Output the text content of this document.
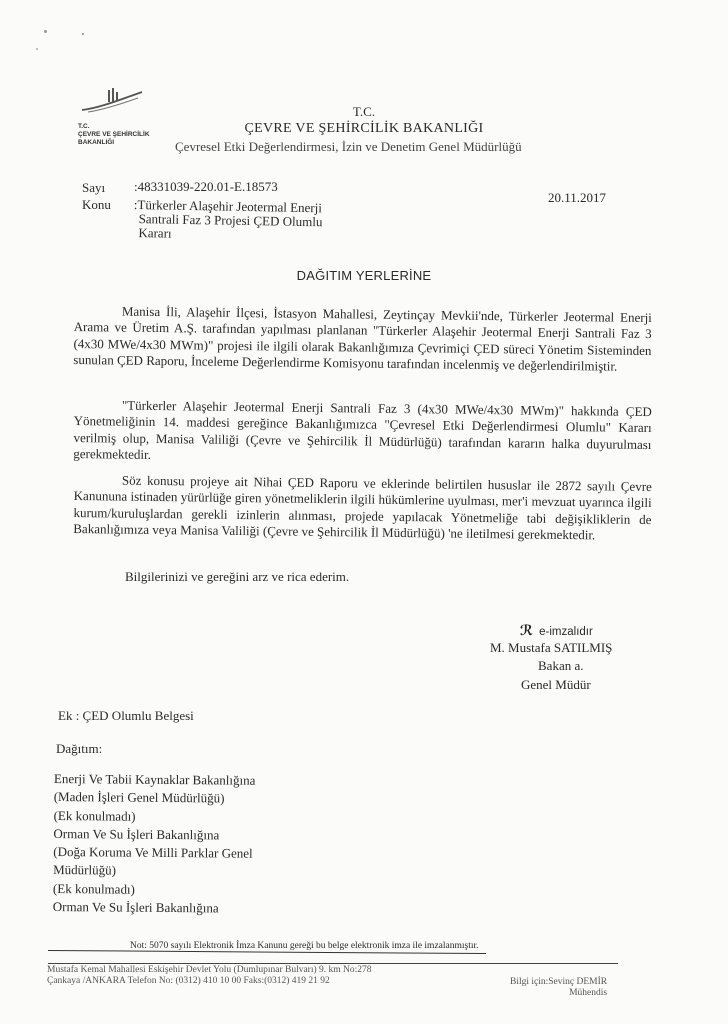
T.C.
ÇEVRE VE ŞEHİRCİLİK
BAKANLIĞI
T.C.
ÇEVRE VE ŞEHİRCİLİK BAKANLIĞI
Çevresel Etki Değerlendirmesi, İzin ve Denetim Genel Müdürlüğü
Sayı :48331039-220.01-E.18573
Konu :Türkerler Alaşehir Jeotermal Enerji
Santrali Faz 3 Projesi ÇED Olumlu
Kararı
20.11.2017
DAĞITIM YERLERİNE
Manisa İli, Alaşehir İlçesi, İstasyon Mahallesi, Zeytinçay Mevkii'nde, Türkerler Jeotermal Enerji Arama ve Üretim A.Ş. tarafından yapılması planlanan "Türkerler Alaşehir Jeotermal Enerji Santrali Faz 3 (4x30 MWe/4x30 MWm)" projesi ile ilgili olarak Bakanlığımıza Çevrimiçi ÇED süreci Yönetim Sisteminden sunulan ÇED Raporu, İnceleme Değerlendirme Komisyonu tarafından incelenmiş ve değerlendirilmiştir.
"Türkerler Alaşehir Jeotermal Enerji Santrali Faz 3 (4x30 MWe/4x30 MWm)" hakkında ÇED Yönetmeliğinin 14. maddesi gereğince Bakanlığımızca "Çevresel Etki Değerlendirmesi Olumlu" Kararı verilmiş olup, Manisa Valiliği (Çevre ve Şehircilik İl Müdürlüğü) tarafından kararın halka duyurulması gerekmektedir.
Söz konusu projeye ait Nihai ÇED Raporu ve eklerinde belirtilen hususlar ile 2872 sayılı Çevre Kanununa istinaden yürürlüğe giren yönetmeliklerin ilgili hükümlerine uyulması, mer'i mevzuat uyarınca ilgili kurum/kuruluşlardan gerekli izinlerin alınması, projede yapılacak Yönetmeliğe tabi değişikliklerin de Bakanlığımıza veya Manisa Valiliği (Çevre ve Şehircilik İl Müdürlüğü) 'ne iletilmesi gerekmektedir.
Bilgilerinizi ve gereğini arz ve rica ederim.
ℛ e-imzalıdır
M. Mustafa SATILMIŞ
Bakan a.
Genel Müdür
Ek : ÇED Olumlu Belgesi
Dağıtım:
Enerji Ve Tabii Kaynaklar Bakanlığına
(Maden İşleri Genel Müdürlüğü)
(Ek konulmadı)
Orman Ve Su İşleri Bakanlığına
(Doğa Koruma Ve Milli Parklar Genel
Müdürlüğü)
(Ek konulmadı)
Orman Ve Su İşleri Bakanlığına
Not: 5070 sayılı Elektronik İmza Kanunu gereği bu belge elektronik imza ile imzalanmıştır.
Mustafa Kemal Mahallesi Eskişehir Devlet Yolu (Dumlupınar Bulvarı) 9. km No:278
Çankaya /ANKARA Telefon No: (0312) 410 10 00 Faks:(0312) 419 21 92	Bilgi için:Sevinç DEMİR
Mühendis
